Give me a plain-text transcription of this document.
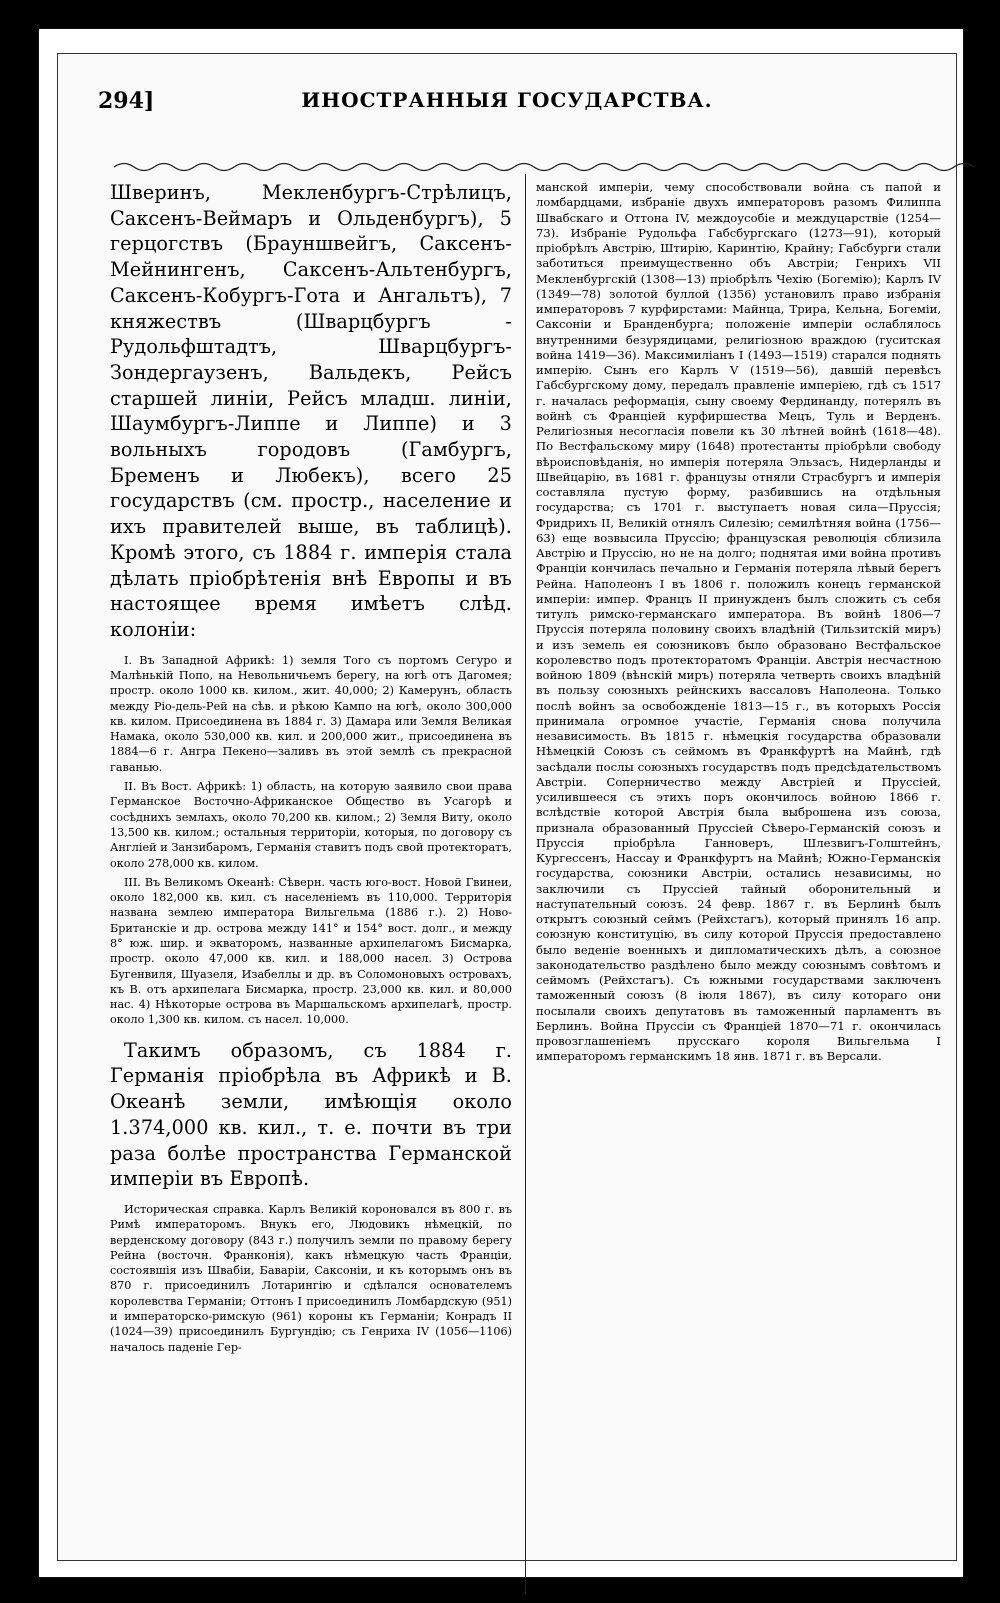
294]	ИНОСТРАННЫЯ ГОСУДАРСТВА.

Шверинъ, Мекленбургъ-Стрѣлицъ, Саксенъ-Веймаръ и Ольденбургъ), 5 герцогствъ (Брауншвейгъ, Саксенъ-Мейнингенъ, Саксенъ-Альтенбургъ, Саксенъ-Кобургъ-Гота и Ангальтъ), 7 княжествъ (Шварцбургъ - Рудольфштадтъ, Шварцбургъ-Зондергаузенъ, Вальдекъ, Рейсъ старшей линіи, Рейсъ младш. линіи, Шаумбургъ-Липпе и Липпе) и 3 вольныхъ городовъ (Гамбургъ, Бременъ и Любекъ), всего 25 государствъ (см. простр., население и ихъ правителей выше, въ таблицѣ). Кромѣ этого, съ 1884 г. имперія стала дѣлать пріобрѣтенія внѣ Европы и въ настоящее время имѣетъ слѣд. колоніи:

I. Въ Западной Африкѣ: 1) земля Того съ портомъ Сегуро и Малѣнькій Попо, на Невольничьемъ берегу, на югѣ отъ Дагомея; простр. около 1000 кв. килом., жит. 40,000; 2) Камерунъ, область между Ріо-дель-Рей на сѣв. и рѣкою Кампо на югѣ, около 300,000 кв. килом. Присоединена въ 1884 г. 3) Дамара или Земля Великая Намака, около 530,000 кв. кил. и 200,000 жит., присоединена въ 1884—6 г. Ангра Пекено—заливъ въ этой землѣ съ прекрасной гаванью.

II. Въ Вост. Африкѣ: 1) область, на которую заявило свои права Германское Восточно-Африканское Общество въ Усагорѣ и сосѣднихъ землахъ, около 70,200 кв. килом.; 2) Земля Виту, около 13,500 кв. килом.; остальныя территоріи, которыя, по договору съ Англіей и Занзибаромъ, Германія ставитъ подъ свой протекторатъ, около 278,000 кв. килом.

III. Въ Великомъ Океанѣ: Сѣверн. часть юго-вост. Новой Гвинеи, около 182,000 кв. кил. съ населеніемъ въ 110,000. Территорія названа землею императора Вильгельма (1886 г.). 2) Ново-Британскіе и др. острова между 141° и 154° вост. долг., и между 8° юж. шир. и экваторомъ, названные архипелагомъ Бисмарка, простр. около 47,000 кв. кил. и 188,000 насел. 3) Острова Бугенвиля, Шуазеля, Изабеллы и др. въ Соломоновыхъ островахъ, къ В. отъ архипелага Бисмарка, простр. 23,000 кв. кил. и 80,000 нас. 4) Нѣкоторые острова въ Маршальскомъ архипелагѣ, простр. около 1,300 кв. килом. съ насел. 10,000.

Такимъ образомъ, съ 1884 г. Германія пріобрѣла въ Африкѣ и В. Океанѣ земли, имѣющія около 1.374,000 кв. кил., т. е. почти въ три раза болѣе пространства Германской имперіи въ Европѣ.

Историческая справка. Карлъ Великій короновался въ 800 г. въ Римѣ императоромъ. Внукъ его, Людовикъ нѣмецкій, по верденскому договору (843 г.) получилъ земли по правому берегу Рейна (восточн. Франконія), какъ нѣмецкую часть Франціи, состоявшія изъ Швабіи, Баваріи, Саксоніи, и къ которымъ онъ въ 870 г. присоединилъ Лотарингію и сдѣлался основателемъ королевства Германіи; Оттонъ I присоединилъ Ломбардскую (951) и императорско-римскую (961) короны къ Германіи; Конрадъ II (1024—39) присоединилъ Бургундію; съ Генриха IV (1056—1106) началось паденіе Гер-

манской имперіи, чему способствовали война съ папой и ломбардцами, избраніе двухъ императоровъ разомъ Филиппа Швабскаго и Оттона IV, междоусобіе и междуцарствіе (1254—73). Избраніе Рудольфа Габсбургскаго (1273—91), который пріобрѣлъ Австрію, Штирію, Каринтію, Крайну; Габсбурги стали заботиться преимущественно объ Австріи; Генрихъ VII Мекленбургскій (1308—13) пріобрѣлъ Чехію (Богемію); Карлъ IV (1349—78) золотой буллой (1356) установилъ право избранія императоровъ 7 курфирстами: Майнца, Трира, Кельна, Богеміи, Саксоніи и Бранденбурга; положеніе имперіи ослаблялось внутренними безурядицами, религіозною враждою (гуситская война 1419—36). Максимиліанъ I (1493—1519) старался поднять имперію. Сынъ его Карлъ V (1519—56), давшій перевѣсъ Габсбургскому дому, передалъ правленіе имперіею, гдѣ съ 1517 г. началась реформація, сыну своему Фердинанду, потерялъ въ войнѣ съ Франціей курфиршества Мецъ, Туль и Верденъ. Религіозныя несогласія повели къ 30 лѣтней войнѣ (1618—48). По Вестфальскому миру (1648) протестанты пріобрѣли свободу вѣроисповѣданія, но имперія потеряла Эльзасъ, Нидерланды и Швейцарію, въ 1681 г. французы отняли Страсбургъ и имперія составляла пустую форму, разбившись на отдѣльныя государства; съ 1701 г. выступаетъ новая сила—Пруссія; Фридрихъ II, Великій отнялъ Силезію; семилѣтняя война (1756—63) еще возвысила Пруссію; французская революція сблизила Австрію и Пруссію, но не на долго; поднятая ими война противъ Франціи кончилась печально и Германія потеряла лѣвый берегъ Рейна. Наполеонъ I въ 1806 г. положилъ конецъ германской имперіи: импер. Францъ II принужденъ былъ сложить съ себя титулъ римско-германскаго императора. Въ войнѣ 1806—7 Пруссія потеряла половину своихъ владѣній (Тильзитскій миръ) и изъ земель ея союзниковъ было образовано Вестфальское королевство подъ протекторатомъ Франціи. Австрія несчастною войною 1809 (вѣнскій миръ) потеряла четверть своихъ владѣній въ пользу союзныхъ рейнскихъ вассаловъ Наполеона. Только послѣ войнъ за освобожденіе 1813—15 г., въ которыхъ Россія принимала огромное участіе, Германія снова получила независимость. Въ 1815 г. нѣмецкія государства образовали Нѣмецкій Союзъ съ сеймомъ въ Франкфуртѣ на Майнѣ, гдѣ засѣдали послы союзныхъ государствъ подъ предсѣдательствомъ Австріи. Соперничество между Австріей и Пруссіей, усилившееся съ этихъ поръ окончилось войною 1866 г. вслѣдствіе которой Австрія была выброшена изъ союза, признала образованный Пруссіей Сѣверо-Германскій союзъ и Пруссія пріобрѣла Ганноверъ, Шлезвигъ-Голштейнъ, Кургессенъ, Нассау и Франкфуртъ на Майнѣ; Южно-Германскія государства, союзники Австріи, остались независимы, но заключили съ Пруссіей тайный оборонительный и наступательный союзъ. 24 февр. 1867 г. въ Берлинѣ былъ открытъ союзный сеймъ (Рейхстагъ), который принялъ 16 апр. союзную конституцію, въ силу которой Пруссія предоставлено было веденіе военныхъ и дипломатическихъ дѣлъ, а союзное законодательство раздѣлено было между союзнымъ совѣтомъ и сеймомъ (Рейхстагъ). Съ южными государствами заключенъ таможенный союзъ (8 іюля 1867), въ силу котораго они посылали своихъ депутатовъ въ таможенный парламентъ въ Берлинъ. Война Пруссіи съ Франціей 1870—71 г. окончилась провозглашеніемъ прусскаго короля Вильгельма I императоромъ германскимъ 18 янв. 1871 г. въ Версали.
